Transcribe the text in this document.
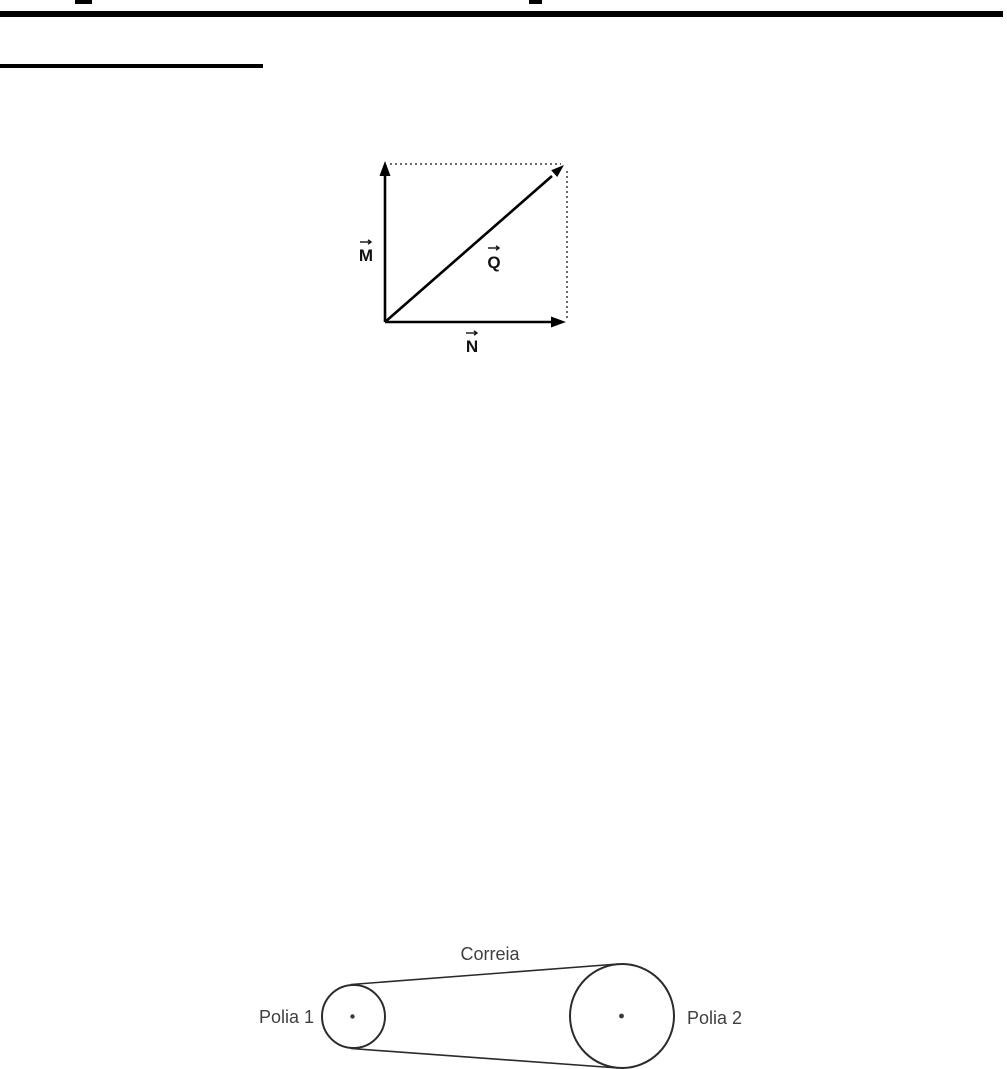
M	Q
N
Correia
Polia 1	Polia 2
